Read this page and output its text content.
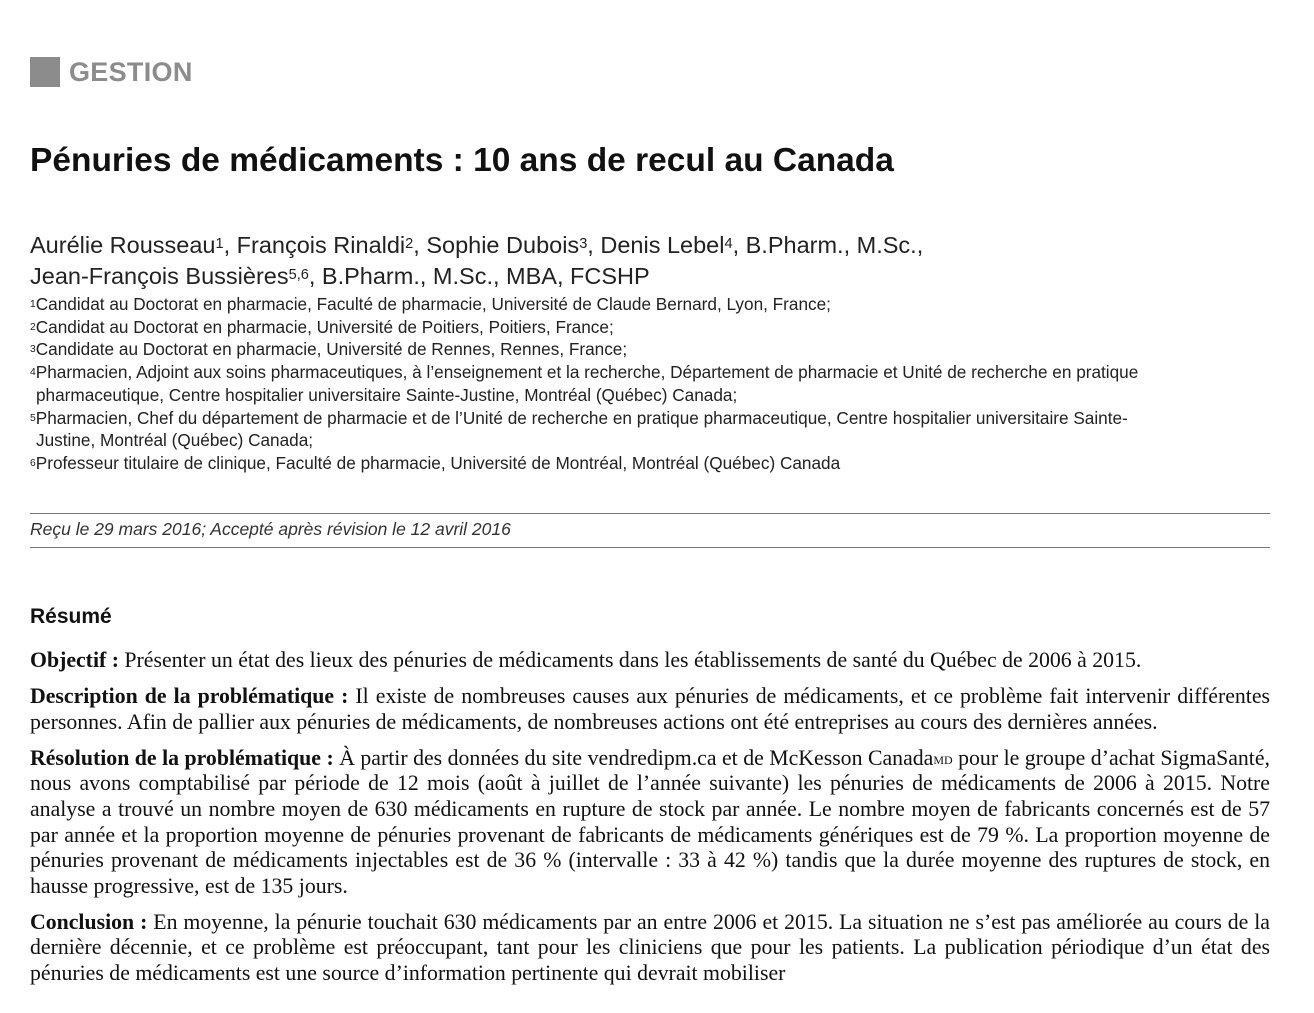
GESTION
Pénuries de médicaments : 10 ans de recul au Canada
Aurélie Rousseau$^1$, François Rinaldi$^2$, Sophie Dubois$^3$, Denis Lebel$^4$, B.Pharm., M.Sc.,
Jean-François Bussières$^{5,6}$, B.Pharm., M.Sc., MBA, FCSHP
$^1$Candidat au Doctorat en pharmacie, Faculté de pharmacie, Université de Claude Bernard, Lyon, France;
$^2$Candidat au Doctorat en pharmacie, Université de Poitiers, Poitiers, France;
$^3$Candidate au Doctorat en pharmacie, Université de Rennes, Rennes, France;
$^4$Pharmacien, Adjoint aux soins pharmaceutiques, à l’enseignement et la recherche, Département de pharmacie et Unité de recherche en pratique
pharmaceutique, Centre hospitalier universitaire Sainte-Justine, Montréal (Québec) Canada;
$^5$Pharmacien, Chef du département de pharmacie et de l’Unité de recherche en pratique pharmaceutique, Centre hospitalier universitaire Sainte-
Justine, Montréal (Québec) Canada;
$^6$Professeur titulaire de clinique, Faculté de pharmacie, Université de Montréal, Montréal (Québec) Canada
Reçu le 29 mars 2016; Accepté après révision le 12 avril 2016
Résumé

Objectif : Présenter un état des lieux des pénuries de médicaments dans les établissements de santé du Québec de 2006 à 2015.

Description de la problématique : Il existe de nombreuses causes aux pénuries de médicaments, et ce problème fait intervenir différentes personnes. Afin de pallier aux pénuries de médicaments, de nombreuses actions ont été entreprises au cours des dernières années.

Résolution de la problématique : À partir des données du site vendredipm.ca et de McKesson Canada$^{MD}$ pour le groupe d’achat SigmaSanté, nous avons comptabilisé par période de 12 mois (août à juillet de l’année suivante) les pénuries de médicaments de 2006 à 2015. Notre analyse a trouvé un nombre moyen de 630 médicaments en rupture de stock par année. Le nombre moyen de fabricants concernés est de 57 par année et la proportion moyenne de pénuries provenant de fabricants de médicaments génériques est de 79 %. La proportion moyenne de pénuries provenant de médicaments injectables est de 36 % (intervalle : 33 à 42 %) tandis que la durée moyenne des ruptures de stock, en hausse progressive, est de 135 jours.

Conclusion : En moyenne, la pénurie touchait 630 médicaments par an entre 2006 et 2015. La situation ne s’est pas améliorée au cours de la dernière décennie, et ce problème est préoccupant, tant pour les cliniciens que pour les patients. La publication périodique d’un état des pénuries de médicaments est une source d’information pertinente qui devrait mobiliser
